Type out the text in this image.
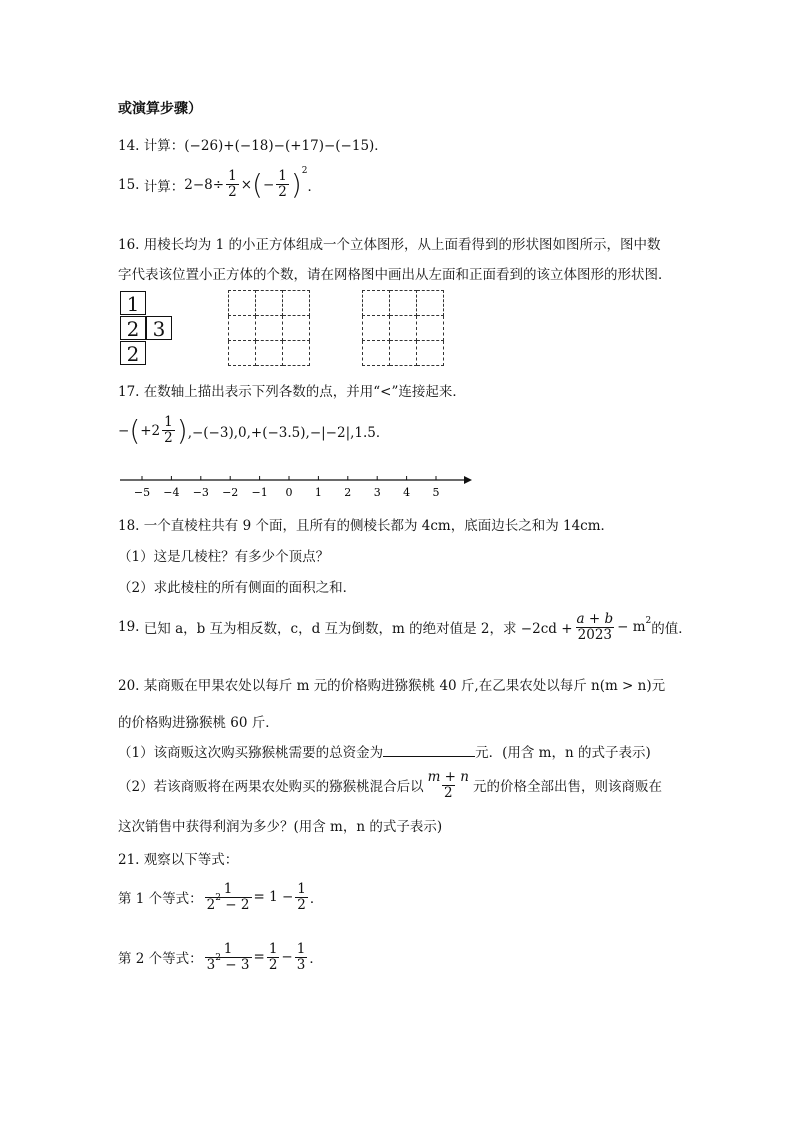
或演算步骤）
14. 计算：(−26)+(−18)−(+17)−(−15)．
15.
计算： $2-8\div \frac{1}{2}$ × ( − $\frac{1}{2}$ ) 2
．
16. 用棱长均为 1 的小正方体组成一个立体图形，从上面看得到的形状图如图所示，图中数
字代表该位置小正方体的个数，请在网格图中画出从左面和正面看到的该立体图形的形状图．
1
2 3
2

17. 在数轴上描出表示下列各数的点，并用“<”连接起来．
− ( $+2 \frac{1}{2}$ ) ,−(−3),0,+(−3.5),−|−2|,1.5．
−5 −4 −3 −2 −1 0 1 2 3 4 5
18. 一个直棱柱共有 9 个面，且所有的侧棱长都为 4cm，底面边长之和为 14cm．
（1）这是几棱柱？有多少个顶点？
（2）求此棱柱的所有侧面的面积之和．
19.
已知 a，b 互为相反数，c，d 互为倒数，m 的绝对值是 2，求 $-2cd + \frac{a + b}{2023} - m$ 2 的值．
20. 某商贩在甲果农处以每斤 m 元的价格购进猕猴桃 40 斤,在乙果农处以每斤 n(m > n)元
的价格购进猕猴桃 60 斤．
（1）该商贩这次购买猕猴桃需要的总资金为	元．(用含 m，n 的式子表示)
（2）若该商贩将在两果农处购买的猕猴桃混合后以 $\frac{m + n}{2}$ 元的价格全部出售，则该商贩在
这次销售中获得利润为多少？(用含 m，n 的式子表示)
21. 观察以下等式：
第 1 个等式： $\frac{1}{2^2 - 2} = 1 - \frac{1}{2}$ ．
第 2 个等式： $\frac{1}{3^2 - 3} = \frac{1}{2} - \frac{1}{3}$ ．
